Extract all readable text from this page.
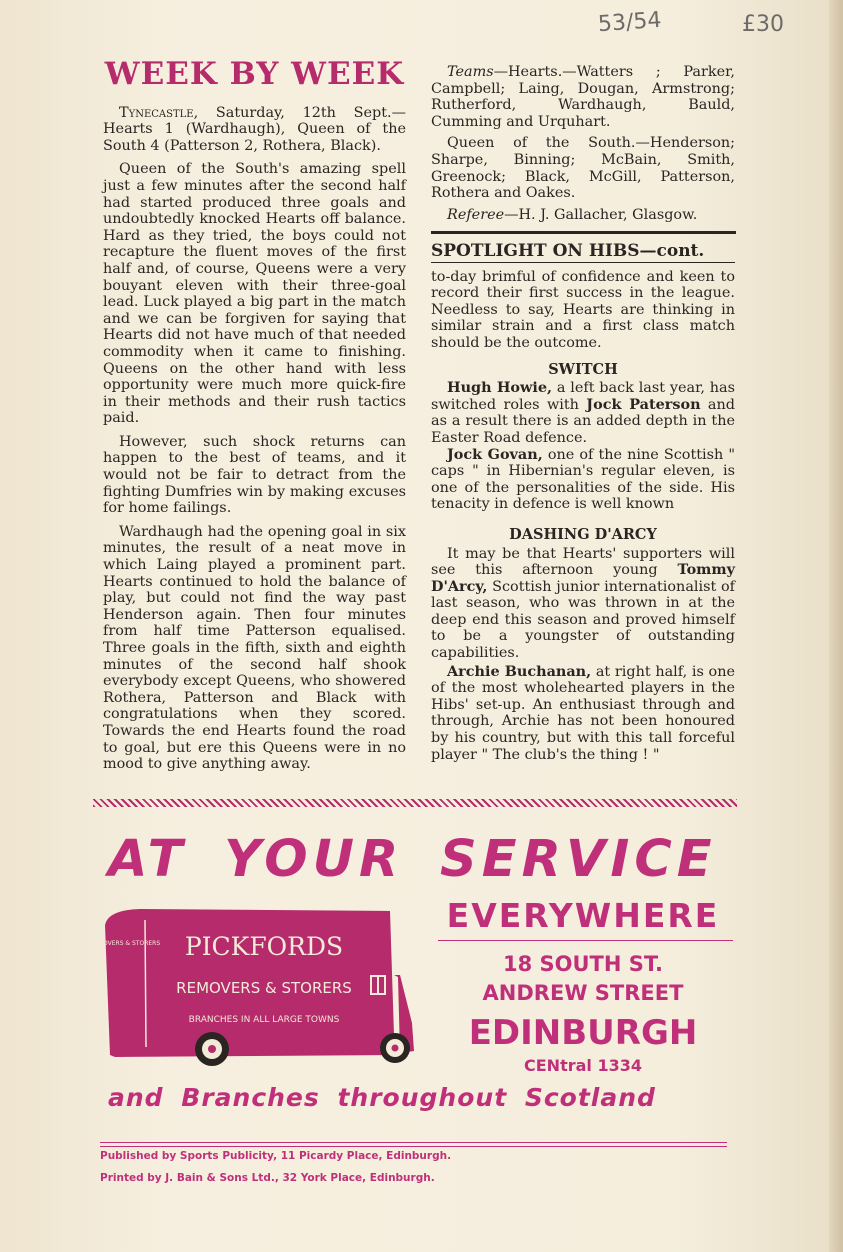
53/54	£30
WEEK BY WEEK

Tynecastle, Saturday, 12th Sept.—Hearts 1 (Wardhaugh), Queen of the South 4 (Patterson 2, Rothera, Black).

Queen of the South's amazing spell just a few minutes after the second half had started produced three goals and undoubtedly knocked Hearts off balance. Hard as they tried, the boys could not recapture the fluent moves of the first half and, of course, Queens were a very bouyant eleven with their three-goal lead. Luck played a big part in the match and we can be forgiven for saying that Hearts did not have much of that needed commodity when it came to finishing. Queens on the other hand with less opportunity were much more quick-fire in their methods and their rush tactics paid.

However, such shock returns can happen to the best of teams, and it would not be fair to detract from the fighting Dumfries win by making excuses for home failings.

Wardhaugh had the opening goal in six minutes, the result of a neat move in which Laing played a prominent part. Hearts continued to hold the balance of play, but could not find the way past Henderson again. Then four minutes from half time Patterson equalised. Three goals in the fifth, sixth and eighth minutes of the second half shook everybody except Queens, who showered Rothera, Patterson and Black with congratulations when they scored. Towards the end Hearts found the road to goal, but ere this Queens were in no mood to give anything away.

Teams—Hearts.—Watters ; Parker, Campbell; Laing, Dougan, Armstrong; Rutherford, Wardhaugh, Bauld, Cumming and Urquhart.

Queen of the South.—Henderson; Sharpe, Binning; McBain, Smith, Greenock; Black, McGill, Patterson, Rothera and Oakes.

Referee—H. J. Gallacher, Glasgow.

SPOTLIGHT ON HIBS—cont.

to-day brimful of confidence and keen to record their first success in the league. Needless to say, Hearts are thinking in similar strain and a first class match should be the outcome.

SWITCH

Hugh Howie, a left back last year, has switched roles with Jock Paterson and as a result there is an added depth in the Easter Road defence.

Jock Govan, one of the nine Scottish " caps " in Hibernian's regular eleven, is one of the personalities of the side. His tenacity in defence is well known

DASHING D'ARCY

It may be that Hearts' supporters will see this afternoon young Tommy D'Arcy, Scottish junior internationalist of last season, who was thrown in at the deep end this season and proved himself to be a youngster of outstanding capabilities.

Archie Buchanan, at right half, is one of the most wholehearted players in the Hibs' set-up. An enthusiast through and through, Archie has not been honoured by his country, but with this tall forceful player " The club's the thing ! "

AT YOUR SERVICE
EVERYWHERE
18 SOUTH ST.
ANDREW STREET
EDINBURGH
CENtral 1334
PICKFORDS
REMOVERS & STORERS
BRANCHES IN ALL LARGE TOWNS
REMOVERS & STORERS
and Branches throughout Scotland
Published by Sports Publicity, 11 Picardy Place, Edinburgh.
Printed by J. Bain & Sons Ltd., 32 York Place, Edinburgh.
